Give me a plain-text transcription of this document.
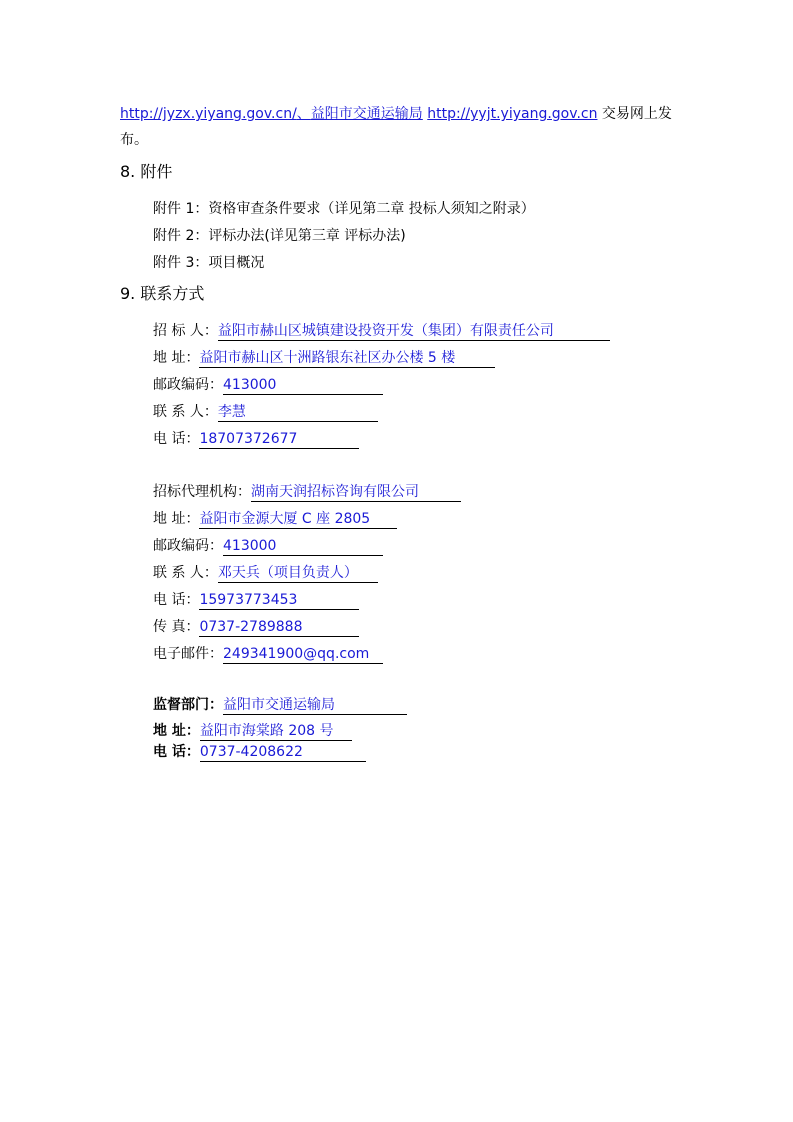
http://jyzx.yiyang.gov.cn/、益阳市交通运输局 http://yyjt.yiyang.gov.cn 交易网上发
布。
8. 附件
附件 1：资格审查条件要求（详见第二章 投标人须知之附录）
附件 2：评标办法(详见第三章 评标办法)
附件 3：项目概况
9. 联系方式
招 标 人：益阳市赫山区城镇建设投资开发（集团）有限责任公司
地 址：益阳市赫山区十洲路银东社区办公楼 5 楼
邮政编码：413000
联 系 人：李慧
电 话：18707372677
招标代理机构：湖南天润招标咨询有限公司
地 址：益阳市金源大厦 C 座 2805
邮政编码：413000
联 系 人：邓天兵（项目负责人）
电 话：15973773453
传 真：0737-2789888
电子邮件：249341900@qq.com
监督部门：益阳市交通运输局
地 址：益阳市海棠路 208 号
电 话：0737-4208622
